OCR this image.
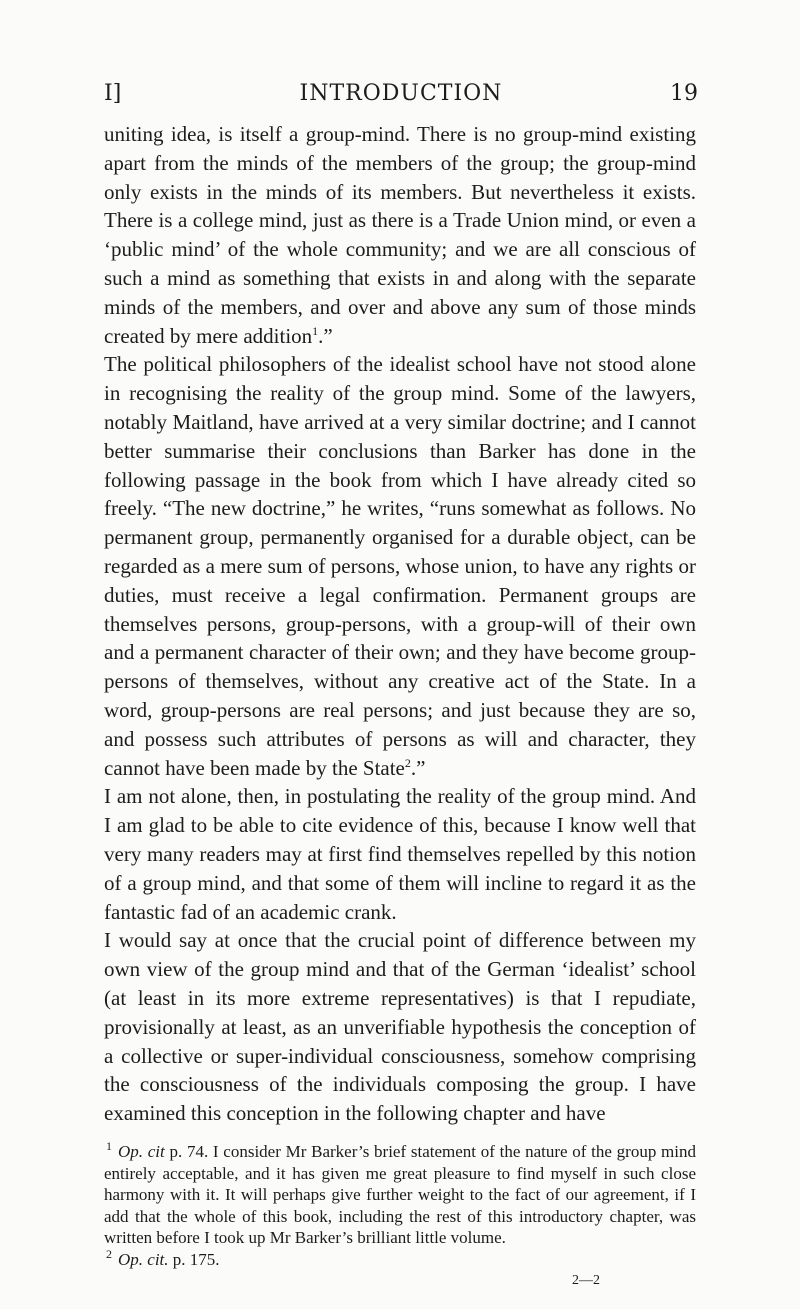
I]	INTRODUCTION	19

uniting idea, is itself a group-mind. There is no group-mind existing apart from the minds of the members of the group; the group-mind only exists in the minds of its members. But nevertheless it exists. There is a college mind, just as there is a Trade Union mind, or even a ‘public mind’ of the whole community; and we are all conscious of such a mind as something that exists in and along with the separate minds of the members, and over and above any sum of those minds created by mere addition$^1$.”

The political philosophers of the idealist school have not stood alone in recognising the reality of the group mind. Some of the lawyers, notably Maitland, have arrived at a very similar doctrine; and I cannot better summarise their conclusions than Barker has done in the following passage in the book from which I have already cited so freely. “The new doctrine,” he writes, “runs somewhat as follows. No permanent group, permanently organised for a durable object, can be regarded as a mere sum of persons, whose union, to have any rights or duties, must receive a legal confirmation. Permanent groups are themselves persons, group-persons, with a group-will of their own and a permanent character of their own; and they have become group-persons of themselves, without any creative act of the State. In a word, group-persons are real persons; and just because they are so, and possess such attributes of persons as will and character, they cannot have been made by the State$^2$.”

I am not alone, then, in postulating the reality of the group mind. And I am glad to be able to cite evidence of this, because I know well that very many readers may at first find themselves repelled by this notion of a group mind, and that some of them will incline to regard it as the fantastic fad of an academic crank.

I would say at once that the crucial point of difference between my own view of the group mind and that of the German ‘idealist’ school (at least in its more extreme representatives) is that I repudiate, provisionally at least, as an unverifiable hypothesis the conception of a collective or super-individual consciousness, somehow comprising the consciousness of the individuals composing the group. I have examined this conception in the following chapter and have

$^1$ Op. cit p. 74. I consider Mr Barker’s brief statement of the nature of the group mind entirely acceptable, and it has given me great pleasure to find myself in such close harmony with it. It will perhaps give further weight to the fact of our agreement, if I add that the whole of this book, including the rest of this introductory chapter, was written before I took up Mr Barker’s brilliant little volume.

$^2$ Op. cit. p. 175.

2—2
